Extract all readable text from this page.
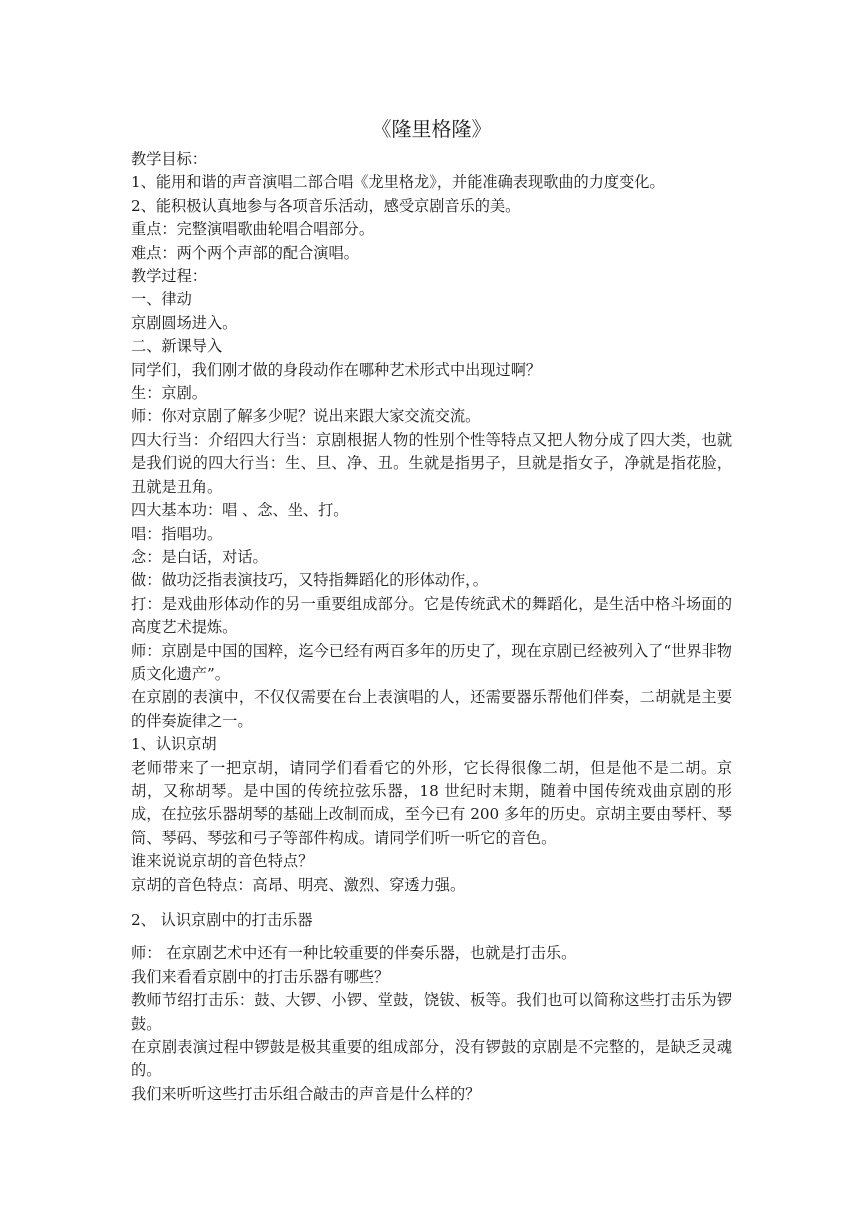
《隆里格隆》
教学目标：
1、能用和谐的声音演唱二部合唱《龙里格龙》，并能准确表现歌曲的力度变化。
2、能积极认真地参与各项音乐活动，感受京剧音乐的美。
重点：完整演唱歌曲轮唱合唱部分。
难点：两个两个声部的配合演唱。
教学过程：
一、律动
京剧圆场进入。
二、新课导入
同学们，我们刚才做的身段动作在哪种艺术形式中出现过啊？
生：京剧。
师：你对京剧了解多少呢？说出来跟大家交流交流。
四大行当：介绍四大行当：京剧根据人物的性别个性等特点又把人物分成了四大类，也就是我们说的四大行当：生、旦、净、丑。生就是指男子，旦就是指女子，净就是指花脸，丑就是丑角。
四大基本功：唱 、念、坐、打。
唱：指唱功。
念：是白话，对话。
做：做功泛指表演技巧，又特指舞蹈化的形体动作，。
打：是戏曲形体动作的另一重要组成部分。它是传统武术的舞蹈化，是生活中格斗场面的高度艺术提炼。
师：京剧是中国的国粹，迄今已经有两百多年的历史了，现在京剧已经被列入了“世界非物质文化遗产”。
在京剧的表演中，不仅仅需要在台上表演唱的人，还需要器乐帮他们伴奏，二胡就是主要的伴奏旋律之一。
1、认识京胡
老师带来了一把京胡，请同学们看看它的外形，它长得很像二胡，但是他不是二胡。京胡，又称胡琴。是中国的传统拉弦乐器，18 世纪时末期，随着中国传统戏曲京剧的形成，在拉弦乐器胡琴的基础上改制而成，至今已有 200 多年的历史。京胡主要由琴杆、琴筒、琴码、琴弦和弓子等部件构成。请同学们听一听它的音色。
谁来说说京胡的音色特点？
京胡的音色特点：高昂、明亮、激烈、穿透力强。
2、 认识京剧中的打击乐器
师： 在京剧艺术中还有一种比较重要的伴奏乐器，也就是打击乐。
我们来看看京剧中的打击乐器有哪些？
教师节绍打击乐：鼓、大锣、小锣、堂鼓，饶钹、板等。我们也可以简称这些打击乐为锣鼓。
在京剧表演过程中锣鼓是极其重要的组成部分，没有锣鼓的京剧是不完整的，是缺乏灵魂的。
我们来听听这些打击乐组合敲击的声音是什么样的？
